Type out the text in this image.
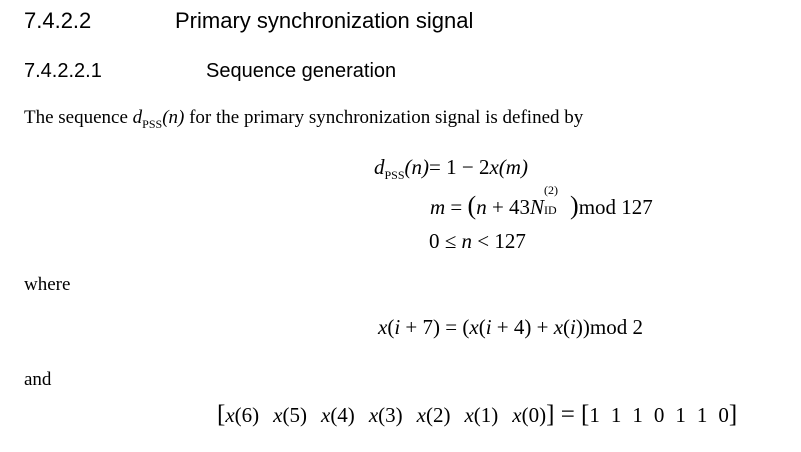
7.4.2.2	Primary synchronization signal
7.4.2.2.1	Sequence generation
The sequence $d_{PSS}(n)$ for the primary synchronization signal is defined by
$d_{PSS}(n)= 1 - 2x(m)$
m = (n + 43N
(2)
ID )mod 127
0 ≤ n < 127
where
x(i + 7) = (x(i + 4) + x(i))mod 2
and
[x(6) x(5) x(4) x(3) x(2) x(1) x(0)] = [1 1 1 0 1 1 0]
